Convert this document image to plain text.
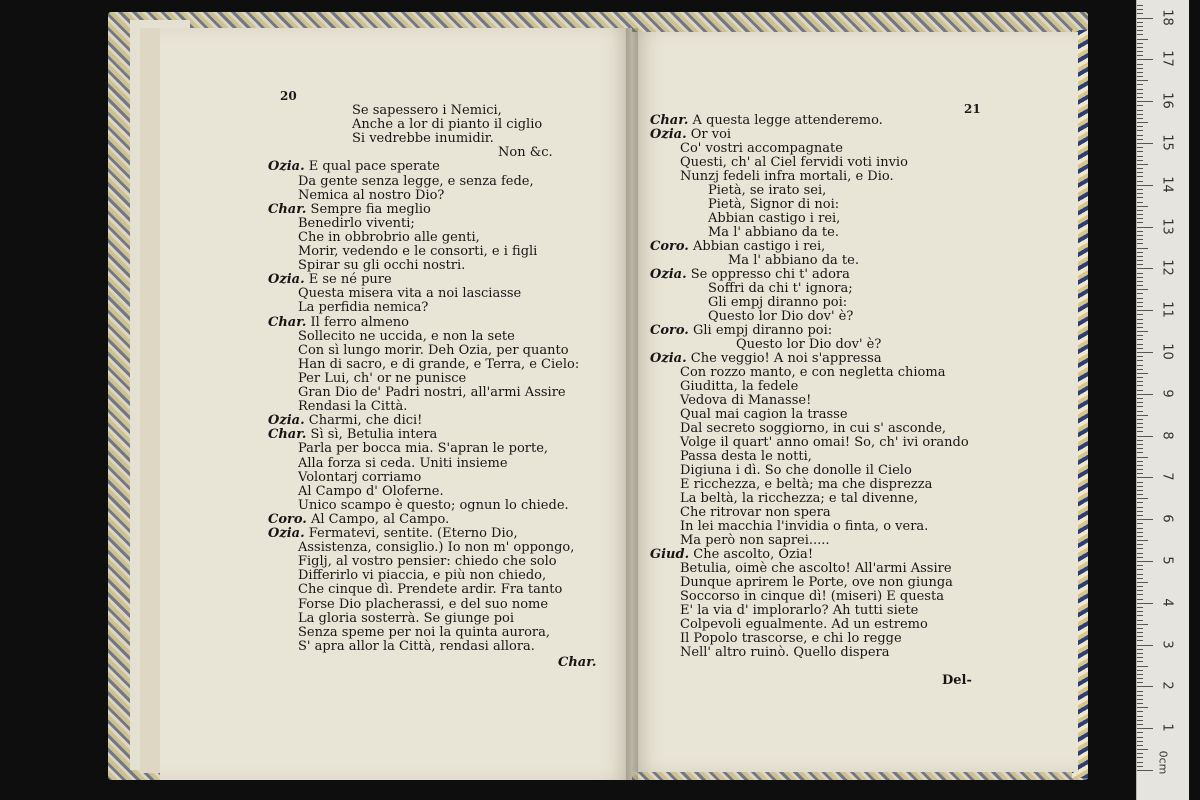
20
Se sapessero i Nemici,
Anche a lor di pianto il ciglio
Si vedrebbe inumidir.
Non &c.
Ozia. E qual pace sperate
Da gente senza legge, e senza fede,
Nemica al nostro Dio?
Char. Sempre fia meglio
Benedirlo viventi;
Che in obbrobrio alle genti,
Morir, vedendo e le consorti, e i figli
Spirar su gli occhi nostri.
Ozia. E se né pure
Questa misera vita a noi lasciasse
La perfidia nemica?
Char. Il ferro almeno
Sollecito ne uccida, e non la sete
Con sì lungo morir. Deh Ozia, per quanto
Han di sacro, e di grande, e Terra, e Cielo:
Per Lui, ch' or ne punisce
Gran Dio de' Padri nostri, all'armi Assire
Rendasi la Città.
Ozia. Charmi, che dici!
Char. Sì sì, Betulia intera
Parla per bocca mia. S'apran le porte,
Alla forza si ceda. Uniti insieme
Volontarj corriamo
Al Campo d' Oloferne.
Unico scampo è questo; ognun lo chiede.
Coro. Al Campo, al Campo.
Ozia. Fermatevi, sentite. (Eterno Dio,
Assistenza, consiglio.) Io non m' oppongo,
Figlj, al vostro pensier: chiedo che solo
Differirlo vi piaccia, e più non chiedo,
Che cinque dì. Prendete ardir. Fra tanto
Forse Dio placherassi, e del suo nome
La gloria sosterrà. Se giunge poi
Senza speme per noi la quinta aurora,
S' apra allor la Città, rendasi allora.
Char.
21
Char. A questa legge attenderemo.
Ozia. Or voi
Co' vostri accompagnate
Questi, ch' al Ciel fervidi voti invio
Nunzj fedeli infra mortali, e Dio.
Pietà, se irato sei,
Pietà, Signor di noi:
Abbian castigo i rei,
Ma l' abbiano da te.
Coro. Abbian castigo i rei,
Ma l' abbiano da te.
Ozia. Se oppresso chi t' adora
Soffri da chi t' ignora;
Gli empj diranno poi:
Questo lor Dio dov' è?
Coro. Gli empj diranno poi:
Questo lor Dio dov' è?
Ozia. Che veggio! A noi s'appressa
Con rozzo manto, e con negletta chioma
Giuditta, la fedele
Vedova di Manasse!
Qual mai cagion la trasse
Dal secreto soggiorno, in cui s' asconde,
Volge il quart' anno omai! So, ch' ivi orando
Passa desta le notti,
Digiuna i dì. So che donolle il Cielo
E ricchezza, e beltà; ma che disprezza
La beltà, la ricchezza; e tal divenne,
Che ritrovar non spera
In lei macchia l'invidia o finta, o vera.
Ma però non saprei.....
Giud. Che ascolto, Ozia!
Betulia, oimè che ascolto! All'armi Assire
Dunque aprirem le Porte, ove non giunga
Soccorso in cinque dì! (miseri) E questa
E' la via d' implorarlo? Ah tutti siete
Colpevoli egualmente. Ad un estremo
Il Popolo trascorse, e chi lo regge
Nell' altro ruinò. Quello dispera
Del-
0cm
1
2
3
4
5
6
7
8
9
10
11
12
13
14
15
16
17
18
